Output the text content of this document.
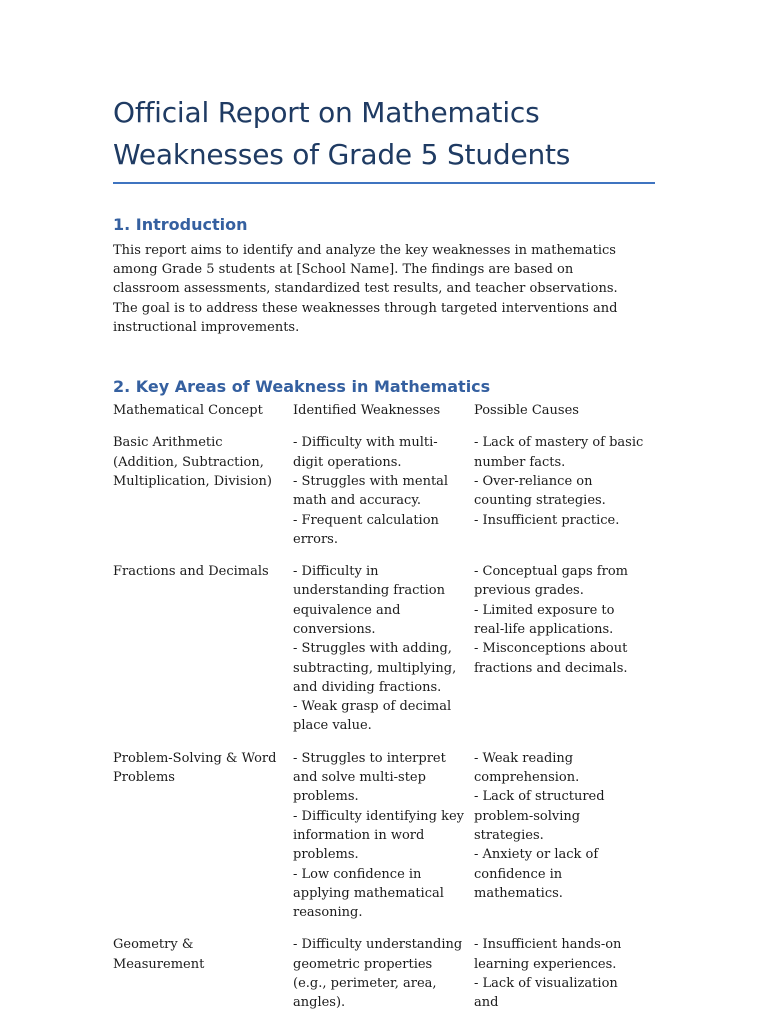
Official Report on Mathematics
Weaknesses of Grade 5 Students
1. Introduction

This report aims to identify and analyze the key weaknesses in mathematics among Grade 5 students at [School Name]. The findings are based on classroom assessments, standardized test results, and teacher observations. The goal is to address these weaknesses through targeted interventions and instructional improvements.

2. Key Areas of Weakness in Mathematics
Mathematical Concept	Identified Weaknesses	Possible Causes

Basic Arithmetic (Addition, Subtraction, Multiplication, Division)	- Difficulty with multi-digit operations.
- Struggles with mental math and accuracy.
- Frequent calculation errors.	- Lack of mastery of basic number facts.
- Over-reliance on counting strategies.
- Insufficient practice.

Fractions and Decimals	- Difficulty in understanding fraction equivalence and conversions.
- Struggles with adding, subtracting, multiplying, and dividing fractions.
- Weak grasp of decimal place value.	- Conceptual gaps from previous grades.
- Limited exposure to real-life applications.
- Misconceptions about fractions and decimals.

Problem-Solving & Word Problems	- Struggles to interpret and solve multi-step problems.
- Difficulty identifying key information in word problems.
- Low confidence in applying mathematical reasoning.	- Weak reading comprehension.
- Lack of structured problem-solving strategies.
- Anxiety or lack of confidence in mathematics.

Geometry & Measurement	- Difficulty understanding geometric properties (e.g., perimeter, area, angles).	- Insufficient hands-on learning experiences.
- Lack of visualization and
